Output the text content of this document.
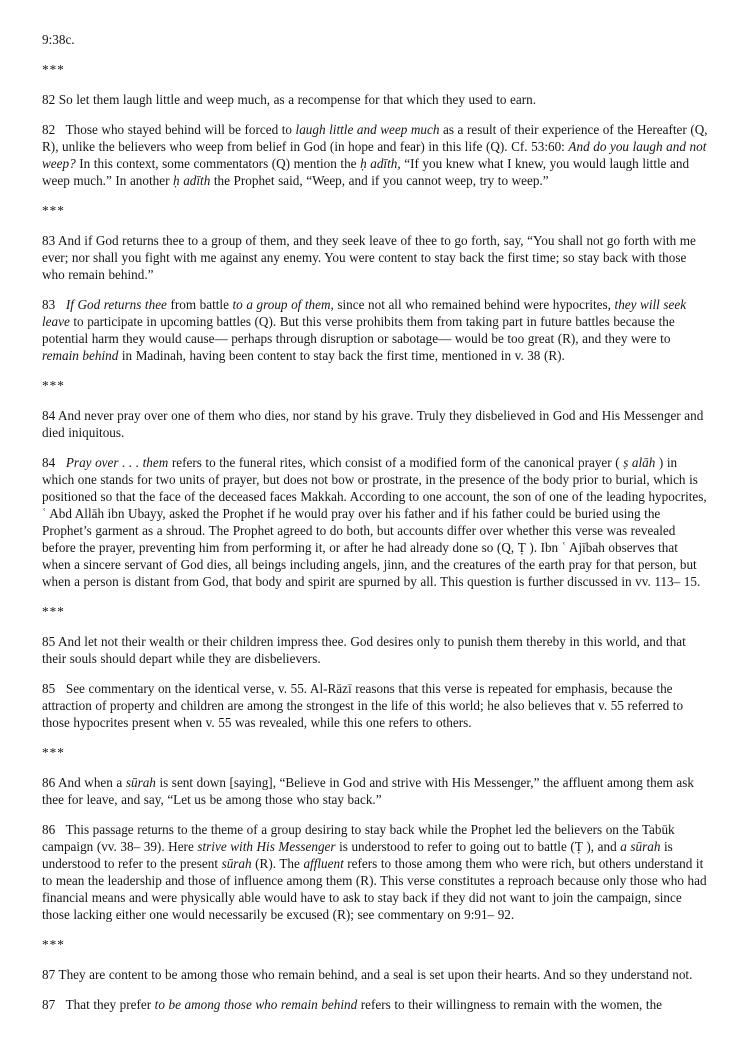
9:38c.

***

82 So let them laugh little and weep much, as a recompense for that which they used to earn.

82   Those who stayed behind will be forced to laugh little and weep much as a result of their experience of the Hereafter (Q, R), unlike the believers who weep from belief in God (in hope and fear) in this life (Q). Cf. 53:60: And do you laugh and not weep? In this context, some commentators (Q) mention the ḥ adīth, “If you knew what I knew, you would laugh little and weep much.” In another ḥ adīth the Prophet said, “Weep, and if you cannot weep, try to weep.”

***

83 And if God returns thee to a group of them, and they seek leave of thee to go forth, say, “You shall not go forth with me ever; nor shall you fight with me against any enemy. You were content to stay back the first time; so stay back with those who remain behind.”

83   If God returns thee from battle to a group of them, since not all who remained behind were hypocrites, they will seek leave to participate in upcoming battles (Q). But this verse prohibits them from taking part in future battles because the potential harm they would cause— perhaps through disruption or sabotage— would be too great (R), and they were to remain behind in Madinah, having been content to stay back the first time, mentioned in v. 38 (R).

***

84 And never pray over one of them who dies, nor stand by his grave. Truly they disbelieved in God and His Messenger and died iniquitous.

84   Pray over . . . them refers to the funeral rites, which consist of a modified form of the canonical prayer ( ṣ alāh ) in which one stands for two units of prayer, but does not bow or prostrate, in the presence of the body prior to burial, which is positioned so that the face of the deceased faces Makkah. According to one account, the son of one of the leading hypocrites, ʿ Abd Allāh ibn Ubayy, asked the Prophet if he would pray over his father and if his father could be buried using the Prophet’s garment as a shroud. The Prophet agreed to do both, but accounts differ over whether this verse was revealed before the prayer, preventing him from performing it, or after he had already done so (Q, Ṭ ). Ibn ʿ Ajībah observes that when a sincere servant of God dies, all beings including angels, jinn, and the creatures of the earth pray for that person, but when a person is distant from God, that body and spirit are spurned by all. This question is further discussed in vv. 113– 15.

***

85 And let not their wealth or their children impress thee. God desires only to punish them thereby in this world, and that their souls should depart while they are disbelievers.

85   See commentary on the identical verse, v. 55. Al-Rāzī reasons that this verse is repeated for emphasis, because the attraction of property and children are among the strongest in the life of this world; he also believes that v. 55 referred to those hypocrites present when v. 55 was revealed, while this one refers to others.

***

86 And when a sūrah is sent down [saying], “Believe in God and strive with His Messenger,” the affluent among them ask thee for leave, and say, “Let us be among those who stay back.”

86   This passage returns to the theme of a group desiring to stay back while the Prophet led the believers on the Tabūk campaign (vv. 38– 39). Here strive with His Messenger is understood to refer to going out to battle (Ṭ ), and a sūrah is understood to refer to the present sūrah (R). The affluent refers to those among them who were rich, but others understand it to mean the leadership and those of influence among them (R). This verse constitutes a reproach because only those who had financial means and were physically able would have to ask to stay back if they did not want to join the campaign, since those lacking either one would necessarily be excused (R); see commentary on 9:91– 92.

***

87 They are content to be among those who remain behind, and a seal is set upon their hearts. And so they understand not.

87   That they prefer to be among those who remain behind refers to their willingness to remain with the women, the
